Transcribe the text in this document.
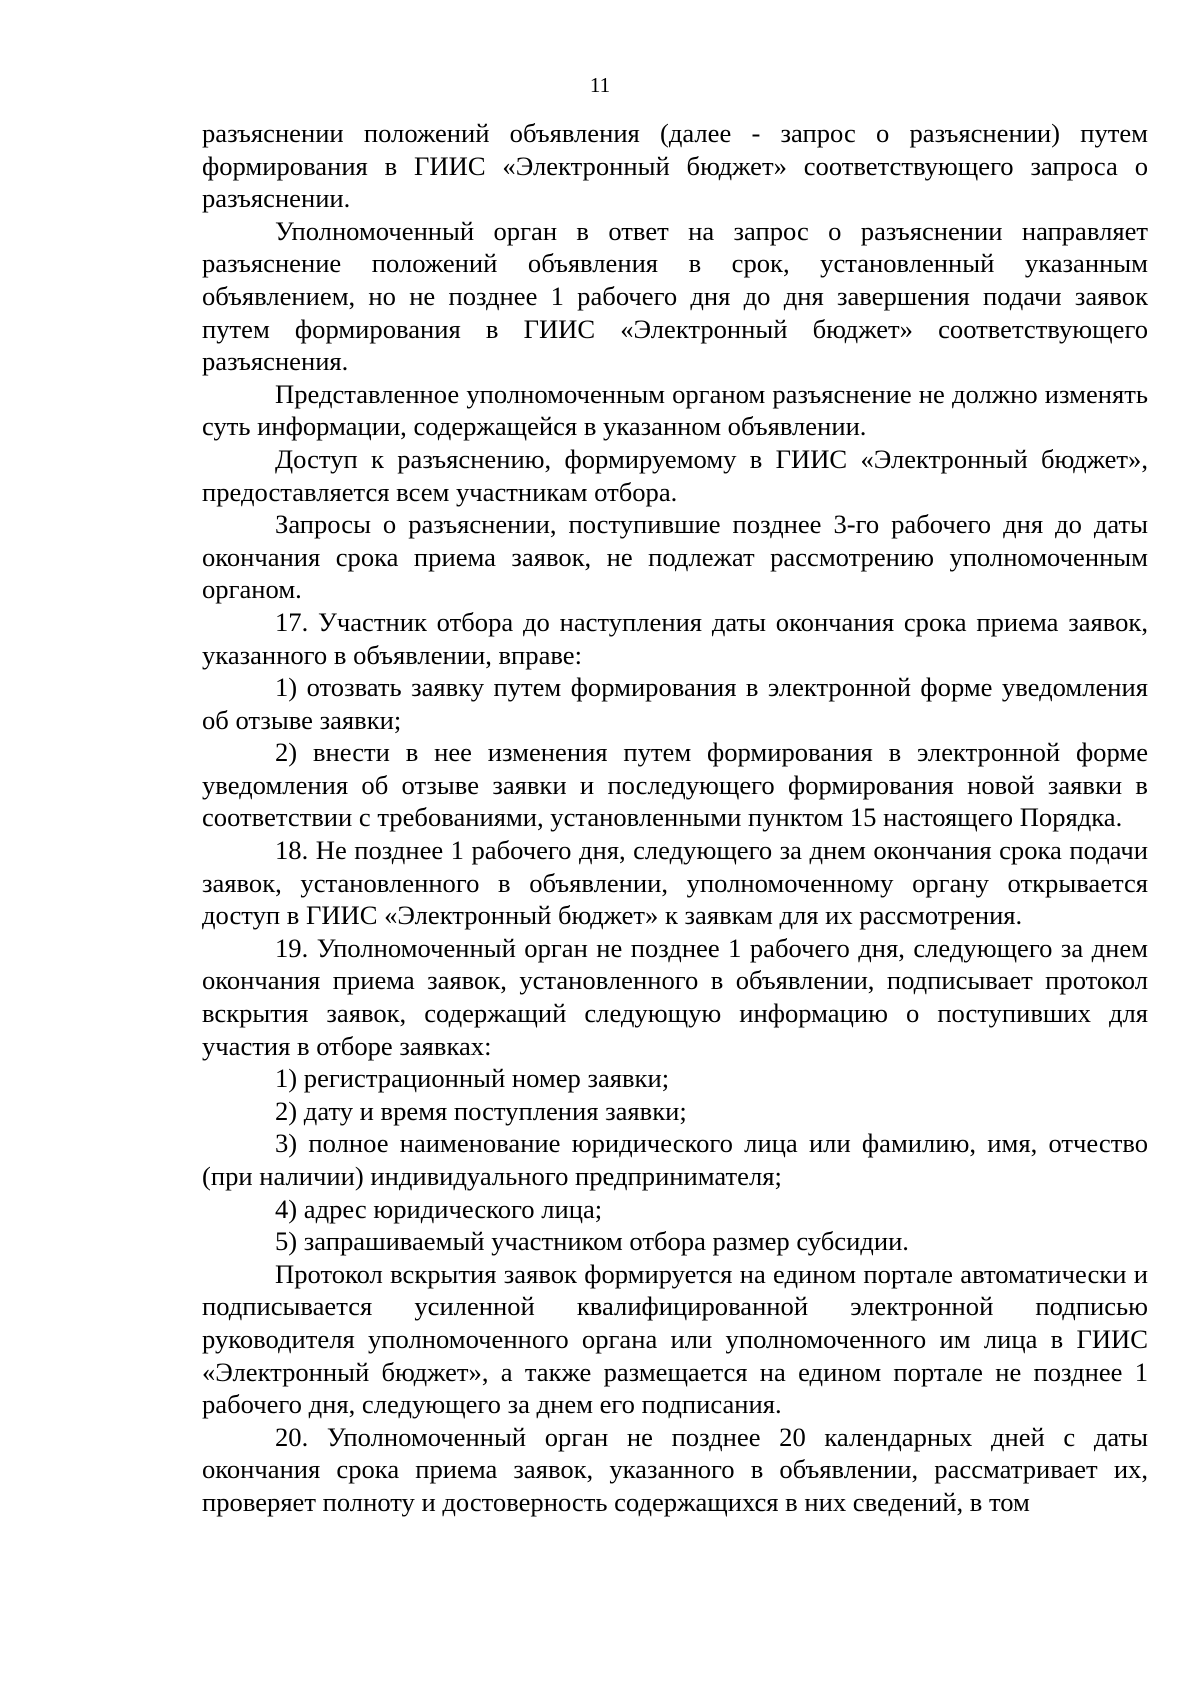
11

разъяснении положений объявления (далее - запрос о разъяснении) путем формирования в ГИИС «Электронный бюджет» соответствующего запроса о разъяснении.

Уполномоченный орган в ответ на запрос о разъяснении направляет разъяснение положений объявления в срок, установленный указанным объявлением, но не позднее 1 рабочего дня до дня завершения подачи заявок путем формирования в ГИИС «Электронный бюджет» соответствующего разъяснения.

Представленное уполномоченным органом разъяснение не должно изменять суть информации, содержащейся в указанном объявлении.

Доступ к разъяснению, формируемому в ГИИС «Электронный бюджет», предоставляется всем участникам отбора.

Запросы о разъяснении, поступившие позднее 3-го рабочего дня до даты окончания срока приема заявок, не подлежат рассмотрению уполномоченным органом.

17. Участник отбора до наступления даты окончания срока приема заявок, указанного в объявлении, вправе:

1) отозвать заявку путем формирования в электронной форме уведомления об отзыве заявки;

2) внести в нее изменения путем формирования в электронной форме уведомления об отзыве заявки и последующего формирования новой заявки в соответствии с требованиями, установленными пунктом 15 настоящего Порядка.

18. Не позднее 1 рабочего дня, следующего за днем окончания срока подачи заявок, установленного в объявлении, уполномоченному органу открывается доступ в ГИИС «Электронный бюджет» к заявкам для их рассмотрения.

19. Уполномоченный орган не позднее 1 рабочего дня, следующего за днем окончания приема заявок, установленного в объявлении, подписывает протокол вскрытия заявок, содержащий следующую информацию о поступивших для участия в отборе заявках:

1) регистрационный номер заявки;

2) дату и время поступления заявки;

3) полное наименование юридического лица или фамилию, имя, отчество (при наличии) индивидуального предпринимателя;

4) адрес юридического лица;

5) запрашиваемый участником отбора размер субсидии.

Протокол вскрытия заявок формируется на едином портале автоматически и подписывается усиленной квалифицированной электронной подписью руководителя уполномоченного органа или уполномоченного им лица в ГИИС «Электронный бюджет», а также размещается на едином портале не позднее 1 рабочего дня, следующего за днем его подписания.

20. Уполномоченный орган не позднее 20 календарных дней с даты окончания срока приема заявок, указанного в объявлении, рассматривает их, проверяет полноту и достоверность содержащихся в них сведений, в том
